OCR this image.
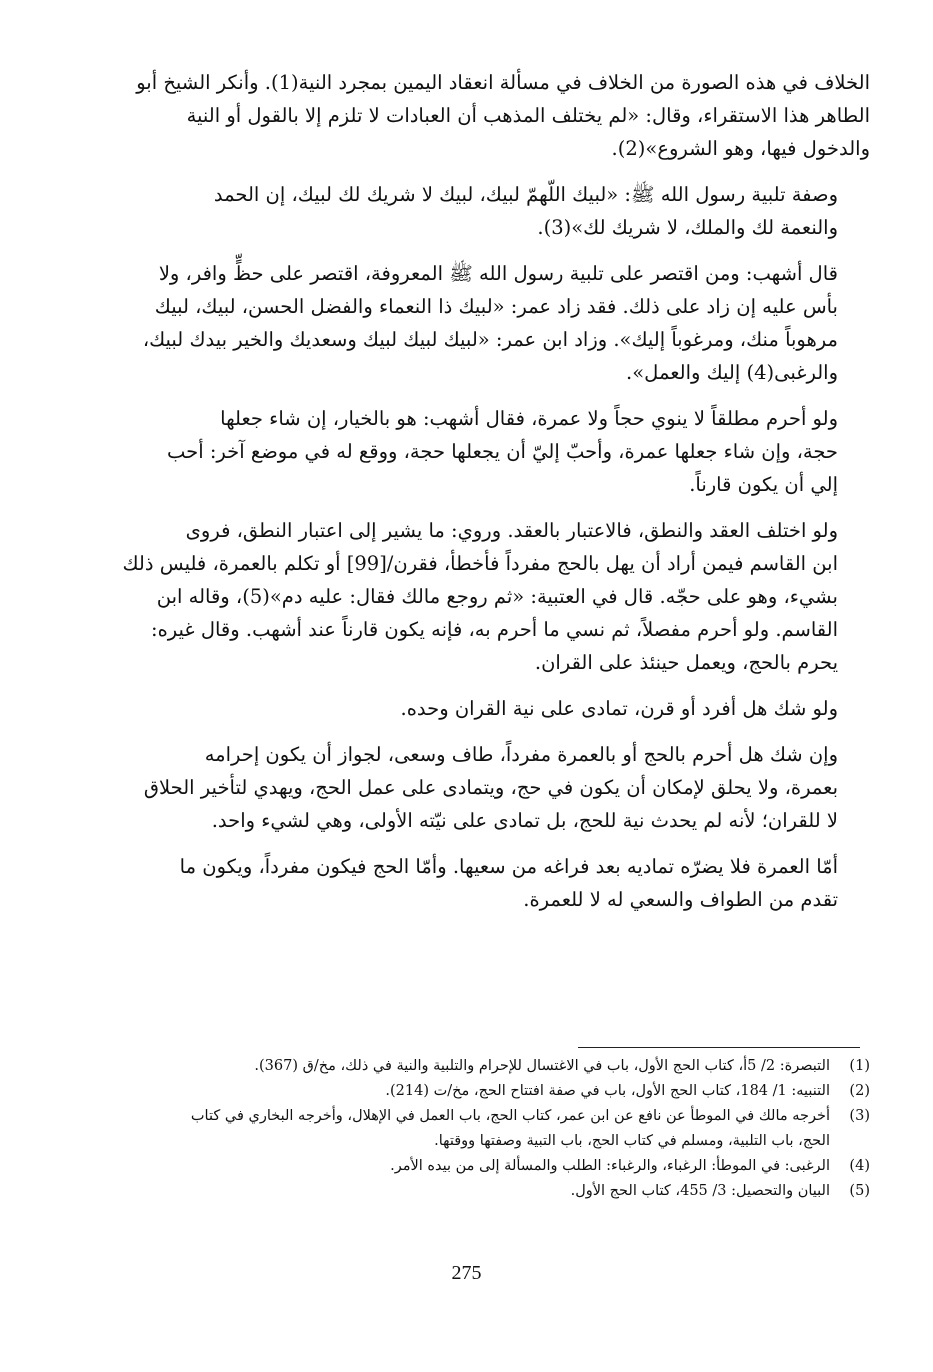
الخلاف في هذه الصورة من الخلاف في مسألة انعقاد اليمين بمجرد النية(1). وأنكر الشيخ أبو
الطاهر هذا الاستقراء، وقال: «لم يختلف المذهب أن العبادات لا تلزم إلا بالقول أو النية
والدخول فيها، وهو الشروع»(2).
وصفة تلبية رسول الله ﷺ: «لبيك اللّهمّ لبيك، لبيك لا شريك لك لبيك، إن الحمد
والنعمة لك والملك، لا شريك لك»(3).
قال أشهب: ومن اقتصر على تلبية رسول الله ﷺ المعروفة، اقتصر على حظٍّ وافر، ولا
بأس عليه إن زاد على ذلك. فقد زاد عمر: «لبيك ذا النعماء والفضل الحسن، لبيك، لبيك
مرهوباً منك، ومرغوباً إليك». وزاد ابن عمر: «لبيك لبيك لبيك وسعديك والخير بيدك لبيك،
والرغبى(4) إليك والعمل».
ولو أحرم مطلقاً لا ينوي حجاً ولا عمرة، فقال أشهب: هو بالخيار، إن شاء جعلها
حجة، وإن شاء جعلها عمرة، وأحبّ إليّ أن يجعلها حجة، ووقع له في موضع آخر: أحب
إلي أن يكون قارناً.
ولو اختلف العقد والنطق، فالاعتبار بالعقد. وروي: ما يشير إلى اعتبار النطق، فروى
ابن القاسم فيمن أراد أن يهل بالحج مفرداً فأخطأ، فقرن/[99] أو تكلم بالعمرة، فليس ذلك
بشيء، وهو على حجّه. قال في العتبية: «ثم روجع مالك فقال: عليه دم»(5)، وقاله ابن
القاسم. ولو أحرم مفصلاً، ثم نسي ما أحرم به، فإنه يكون قارناً عند أشهب. وقال غيره:
يحرم بالحج، ويعمل حينئذ على القران.
ولو شك هل أفرد أو قرن، تمادى على نية القران وحده.
وإن شك هل أحرم بالحج أو بالعمرة مفرداً، طاف وسعى، لجواز أن يكون إحرامه
بعمرة، ولا يحلق لإمكان أن يكون في حج، ويتمادى على عمل الحج، ويهدي لتأخير الحلاق
لا للقران؛ لأنه لم يحدث نية للحج، بل تمادى على نيّته الأولى، وهي لشيء واحد.
أمّا العمرة فلا يضرّه تماديه بعد فراغه من سعيها. وأمّا الحج فيكون مفرداً، ويكون ما
تقدم من الطواف والسعي له لا للعمرة.
(1)
التبصرة: 2/ 5أ، كتاب الحج الأول، باب في الاغتسال للإحرام والتلبية والنية في ذلك، مخ/ق (367).
(2)
التنبيه: 1/ 184، كتاب الحج الأول، باب في صفة افتتاح الحج، مخ/ت (214).
(3)
أخرجه مالك في الموطأ عن نافع عن ابن عمر، كتاب الحج، باب العمل في الإهلال، وأخرجه البخاري في كتاب
الحج، باب التلبية، ومسلم في كتاب الحج، باب التبية وصفتها ووقتها.
(4)
الرغبى: في الموطأ: الرغباء، والرغباء: الطلب والمسألة إلى من بيده الأمر.
(5)
البيان والتحصيل: 3/ 455، كتاب الحج الأول.
275
